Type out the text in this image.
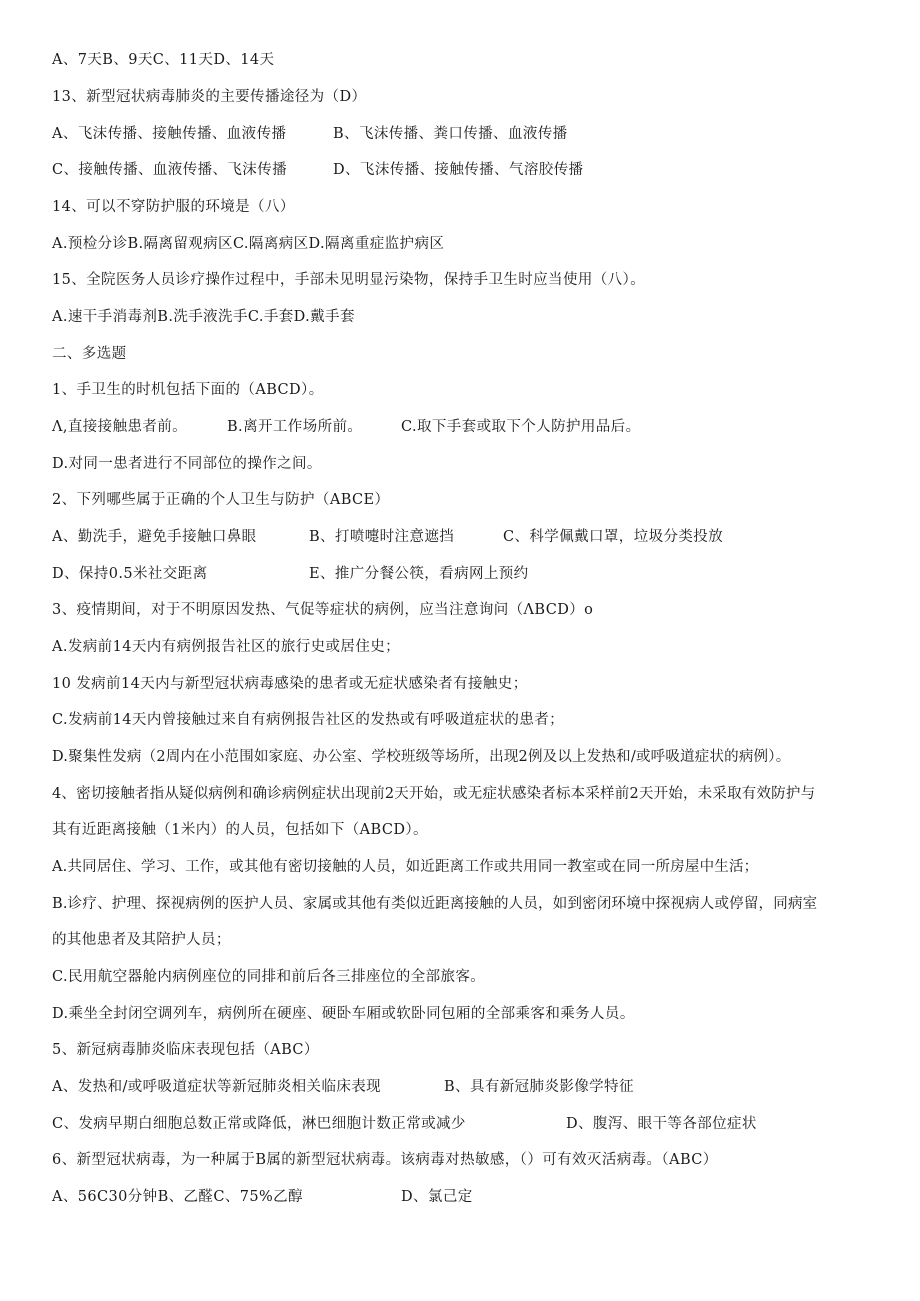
A、7天B、9天C、11天D、14天
13、新型冠状病毒肺炎的主要传播途径为（D）
A、飞沫传播、接触传播、血液传播	B、飞沫传播、粪口传播、血液传播
C、接触传播、血液传播、飞沫传播	D、飞沫传播、接触传播、气溶胶传播
14、可以不穿防护服的环境是（八）
A.预检分诊B.隔离留观病区C.隔离病区D.隔离重症监护病区
15、全院医务人员诊疗操作过程中，手部未见明显污染物，保持手卫生时应当使用（八）。
A.速干手消毒剂B.洗手液洗手C.手套D.戴手套
二、多选题
1、手卫生的时机包括下面的（ABCD）。
Λ,直接接触患者前。	B.离开工作场所前。	C.取下手套或取下个人防护用品后。
D.对同一患者进行不同部位的操作之间。
2、下列哪些属于正确的个人卫生与防护（ABCE）
A、勤洗手，避免手接触口鼻眼	B、打喷嚏时注意遮挡	C、科学佩戴口罩，垃圾分类投放
D、保持0.5米社交距离	E、推广分餐公筷，看病网上预约
3、疫情期间，对于不明原因发热、气促等症状的病例，应当注意询问（ΛBCD）o
A.发病前14天内有病例报告社区的旅行史或居住史；
10 发病前14天内与新型冠状病毒感染的患者或无症状感染者有接触史；
C.发病前14天内曾接触过来自有病例报告社区的发热或有呼吸道症状的患者；
D.聚集性发病（2周内在小范围如家庭、办公室、学校班级等场所，出现2例及以上发热和/或呼吸道症状的病例）。
4、密切接触者指从疑似病例和确诊病例症状出现前2天开始，或无症状感染者标本采样前2天开始，未采取有效防护与
其有近距离接触（1米内）的人员，包括如下（ABCD）。
A.共同居住、学习、工作，或其他有密切接触的人员，如近距离工作或共用同一教室或在同一所房屋中生活；
B.诊疗、护理、探视病例的医护人员、家属或其他有类似近距离接触的人员，如到密闭环境中探视病人或停留，同病室
的其他患者及其陪护人员；
C.民用航空器舱内病例座位的同排和前后各三排座位的全部旅客。
D.乘坐全封闭空调列车，病例所在硬座、硬卧车厢或软卧同包厢的全部乘客和乘务人员。
5、新冠病毒肺炎临床表现包括（ABC）
A、发热和/或呼吸道症状等新冠肺炎相关临床表现	B、具有新冠肺炎影像学特征
C、发病早期白细胞总数正常或降低，淋巴细胞计数正常或减少	D、腹泻、眼干等各部位症状
6、新型冠状病毒，为一种属于B属的新型冠状病毒。该病毒对热敏感，（）可有效灭活病毒。（ABC）
A、56C30分钟B、乙醛C、75%乙醇	D、氯己定
